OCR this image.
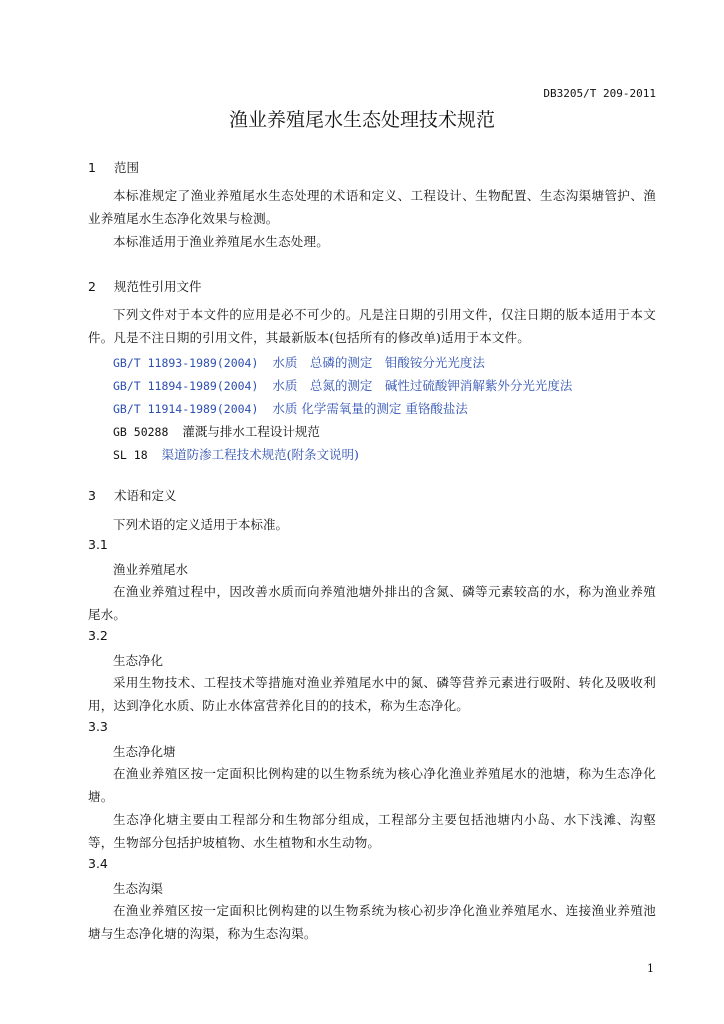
DB3205/T 209-2011
渔业养殖尾水生态处理技术规范
1 范围
本标准规定了渔业养殖尾水生态处理的术语和定义、工程设计、生物配置、生态沟渠塘管护、渔业养殖尾水生态净化效果与检测。
本标准适用于渔业养殖尾水生态处理。
2 规范性引用文件
下列文件对于本文件的应用是必不可少的。凡是注日期的引用文件，仅注日期的版本适用于本文件。凡是不注日期的引用文件，其最新版本(包括所有的修改单)适用于本文件。
GB/T 11893-1989(2004) 水质　总磷的测定　钼酸铵分光光度法
GB/T 11894-1989(2004) 水质　总氮的测定　碱性过硫酸钾消解紫外分光光度法
GB/T 11914-1989(2004) 水质 化学需氧量的测定 重铬酸盐法
GB 50288 灌溉与排水工程设计规范
SL 18 渠道防渗工程技术规范(附条文说明)
3 术语和定义
下列术语的定义适用于本标准。
3.1
渔业养殖尾水
在渔业养殖过程中，因改善水质而向养殖池塘外排出的含氮、磷等元素较高的水，称为渔业养殖尾水。
3.2
生态净化
采用生物技术、工程技术等措施对渔业养殖尾水中的氮、磷等营养元素进行吸附、转化及吸收利用，达到净化水质、防止水体富营养化目的的技术，称为生态净化。
3.3
生态净化塘
在渔业养殖区按一定面积比例构建的以生物系统为核心净化渔业养殖尾水的池塘，称为生态净化塘。
生态净化塘主要由工程部分和生物部分组成，工程部分主要包括池塘内小岛、水下浅滩、沟壑等，生物部分包括护坡植物、水生植物和水生动物。
3.4
生态沟渠
在渔业养殖区按一定面积比例构建的以生物系统为核心初步净化渔业养殖尾水、连接渔业养殖池塘与生态净化塘的沟渠，称为生态沟渠。
1
